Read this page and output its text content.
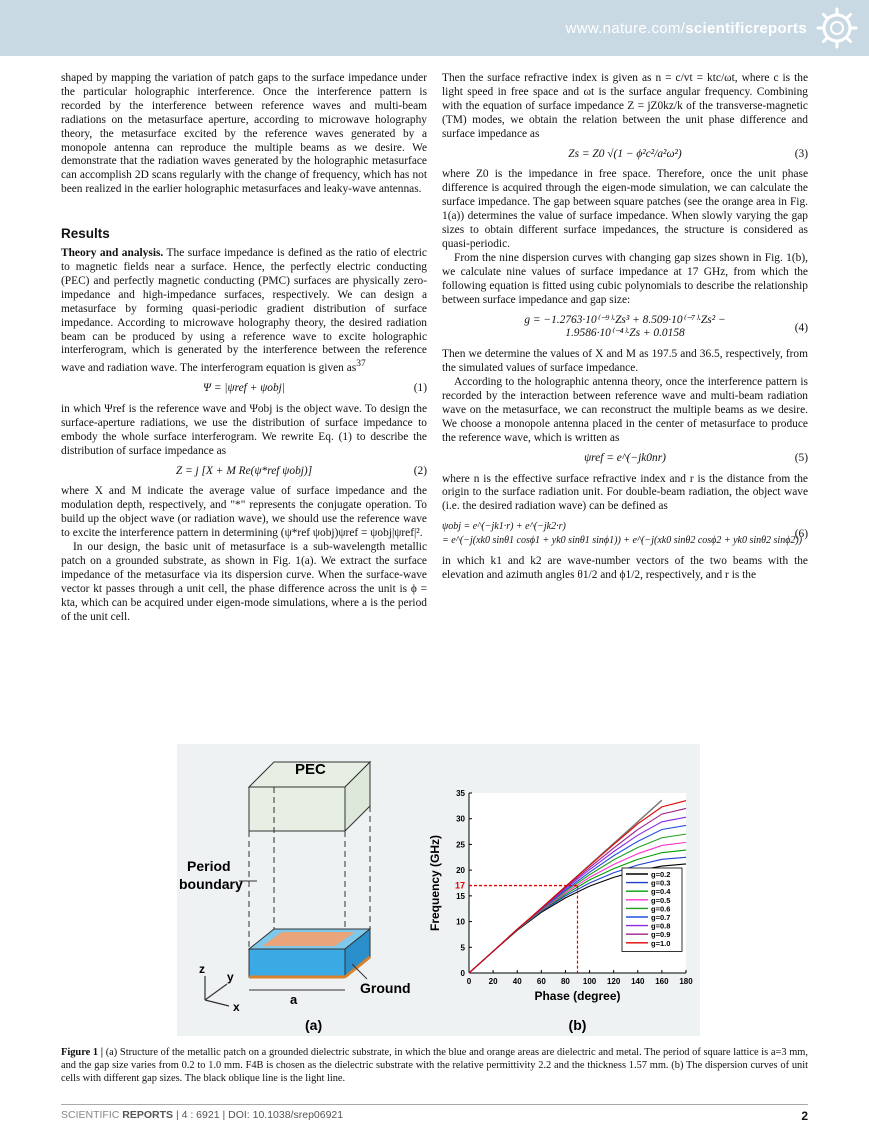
www.nature.com/scientificreports

shaped by mapping the variation of patch gaps to the surface impedance under the particular holographic interference. Once the interference pattern is recorded by the interference between reference waves and multi-beam radiations on the metasurface aperture, according to microwave holography theory, the metasurface excited by the reference waves generated by a monopole antenna can reproduce the multiple beams as we desire. We demonstrate that the radiation waves generated by the holographic metasurface can accomplish 2D scans regularly with the change of frequency, which has not been realized in the earlier holographic metasurfaces and leaky-wave antennas.

Results

Theory and analysis. The surface impedance is defined as the ratio of electric to magnetic fields near a surface. Hence, the perfectly electric conducting (PEC) and perfectly magnetic conducting (PMC) surfaces are physically zero-impedance and high-impedance surfaces, respectively. We can design a metasurface by forming quasi-periodic gradient distribution of surface impedance. According to microwave holography theory, the desired radiation beam can be produced by using a reference wave to excite holographic interferogram, which is generated by the interference between the reference wave and radiation wave. The interferogram equation is given $as^{37}$

Ψ = |ψref + ψobj|	(1)

in which Ψref is the reference wave and Ψobj is the object wave. To design the surface-aperture radiations, we use the distribution of surface impedance to embody the whole surface interferogram. We rewrite Eq. (1) to describe the distribution of surface impedance as

Z = j [X + M Re(ψ*ref ψobj)]	(2)

where X and M indicate the average value of surface impedance and the modulation depth, respectively, and "*" represents the conjugate operation. To build up the object wave (or radiation wave), we should use the reference wave to excite the interference pattern in determining (ψ*ref ψobj)ψref = ψobj|ψref|².

In our design, the basic unit of metasurface is a sub-wavelength metallic patch on a grounded substrate, as shown in Fig. 1(a). We extract the surface impedance of the metasurface via its dispersion curve. When the surface-wave vector kt passes through a unit cell, the phase difference across the unit is ϕ = kta, which can be acquired under eigen-mode simulations, where a is the period of the unit cell.

Then the surface refractive index is given as n = c/vt = ktc/ωt, where c is the light speed in free space and ωt is the surface angular frequency. Combining with the equation of surface impedance Z = jZ0kz/k of the transverse-magnetic (TM) modes, we obtain the relation between the unit phase difference and surface impedance as

Zs = Z0 √(1 − ϕ²c²/a²ω²)	(3)

where Z0 is the impedance in free space. Therefore, once the unit phase difference is acquired through the eigen-mode simulation, we can calculate the surface impedance. The gap between square patches (see the orange area in Fig. 1(a)) determines the value of surface impedance. When slowly varying the gap sizes to obtain different surface impedances, the structure is considered as quasi-periodic.

From the nine dispersion curves with changing gap sizes shown in Fig. 1(b), we calculate nine values of surface impedance at 17 GHz, from which the following equation is fitted using cubic polynomials to describe the relationship between surface impedance and gap size:

g = −1.2763·10⁽⁻⁹⁾·Zs³ + 8.509·10⁽⁻⁷⁾·Zs² −
1.9586·10⁽⁻⁴⁾·Zs + 0.0158	(4)

Then we determine the values of X and M as 197.5 and 36.5, respectively, from the simulated values of surface impedance.

According to the holographic antenna theory, once the interference pattern is recorded by the interaction between reference wave and multi-beam radiation wave on the metasurface, we can reconstruct the multiple beams as we desire. We choose a monopole antenna placed in the center of metasurface to produce the reference wave, which is written as

ψref = e^(−jk0nr)	(5)

where n is the effective surface refractive index and r is the distance from the origin to the surface radiation unit. For double-beam radiation, the object wave (i.e. the desired radiation wave) can be defined as

ψobj = e^(−jk1·r) + e^(−jk2·r)
= e^(−j(xk0 sinθ1 cosϕ1 + yk0 sinθ1 sinϕ1)) + e^(−j(xk0 sinθ2 cosϕ2 + yk0 sinθ2 sinϕ2))
(6)

in which k1 and k2 are wave-number vectors of the two beams with the elevation and azimuth angles θ1/2 and ϕ1/2, respectively, and r is the

PEC
Period
boundary
Ground
a
z
y
x
(a)
0 20 40 60 80 100 120 140 160 180
0
5
10
15
20
25
30
35
Phase (degree)
Frequency (GHz) 17
g=0.2
g=0.3
g=0.4
g=0.5
g=0.6
g=0.7
g=0.8
g=0.9
g=1.0
(b)
Figure 1 | (a) Structure of the metallic patch on a grounded dielectric substrate, in which the blue and orange areas are dielectric and metal. The period of square lattice is a=3 mm, and the gap size varies from 0.2 to 1.0 mm. F4B is chosen as the dielectric substrate with the relative permittivity 2.2 and the thickness 1.57 mm. (b) The dispersion curves of unit cells with different gap sizes. The black oblique line is the light line.
SCIENTIFIC REPORTS | 4 : 6921 | DOI: 10.1038/srep06921	2
